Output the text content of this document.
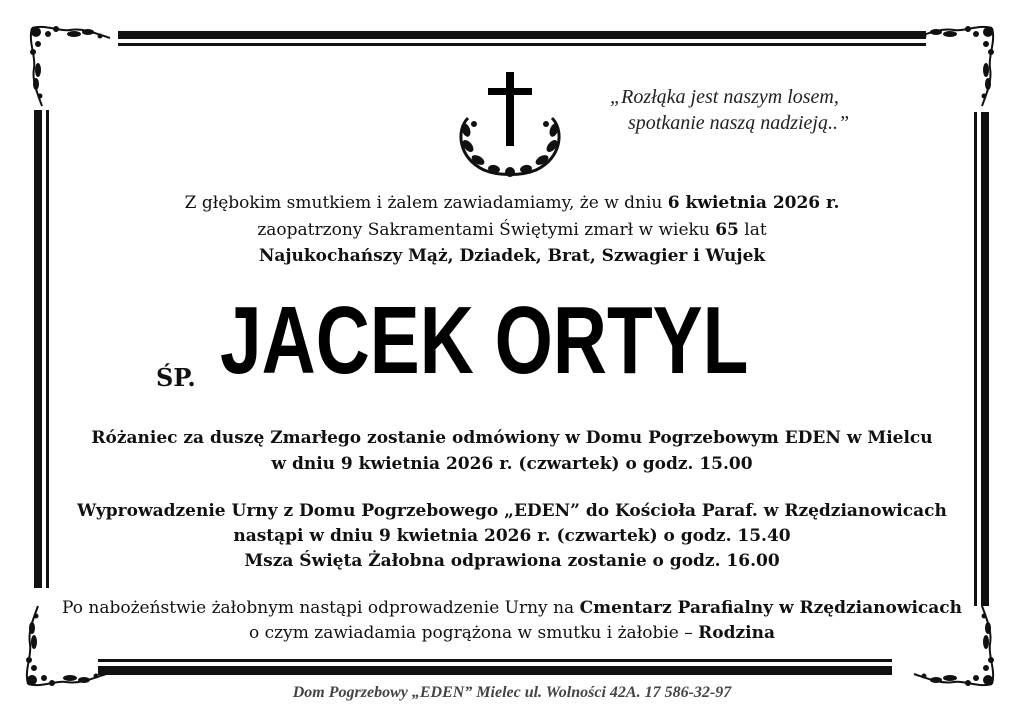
„Rozłąka jest naszym losem,
spotkanie naszą nadzieją..”
Z głębokim smutkiem i żalem zawiadamiamy, że w dniu 6 kwietnia 2026 r.
zaopatrzony Sakramentami Świętymi zmarł w wieku 65 lat
Najukochańszy Mąż, Dziadek, Brat, Szwagier i Wujek
ŚP. JACEK ORTYL
Różaniec za duszę Zmarłego zostanie odmówiony w Domu Pogrzebowym EDEN w Mielcu
w dniu 9 kwietnia 2026 r. (czwartek) o godz. 15.00
Wyprowadzenie Urny z Domu Pogrzebowego „EDEN” do Kościoła Paraf. w Rzędzianowicach
nastąpi w dniu 9 kwietnia 2026 r. (czwartek) o godz. 15.40
Msza Święta Żałobna odprawiona zostanie o godz. 16.00
Po nabożeństwie żałobnym nastąpi odprowadzenie Urny na Cmentarz Parafialny w Rzędzianowicach
o czym zawiadamia pogrążona w smutku i żałobie – Rodzina
Dom Pogrzebowy „EDEN” Mielec ul. Wolności 42A. 17 586-32-97
